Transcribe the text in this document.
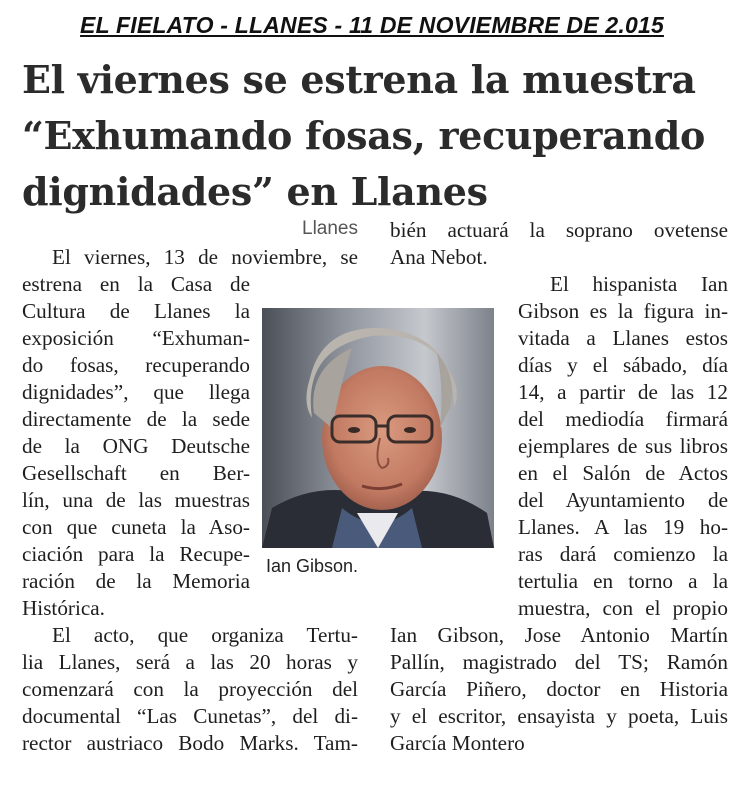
EL FIELATO - LLANES - 11 DE NOVIEMBRE DE 2.015
El viernes se estrena la muestra
“Exhumando fosas, recuperando
dignidades” en Llanes
Llanes
El viernes, 13 de noviembre, se
estrena en la Casa de
Cultura de Llanes la
exposición “Exhuman-
do fosas, recuperando
dignidades”, que llega
directamente de la sede
de la ONG Deutsche
Gesellschaft en Ber-
lín, una de las muestras
con que cuneta la Aso-
ciación para la Recupe-
ración de la Memoria
Histórica.
El acto, que organiza Tertu-
lia Llanes, será a las 20 horas y
comenzará con la proyección del
documental “Las Cunetas”, del di-
rector austriaco Bodo Marks. Tam-
Ian Gibson.
bién actuará la soprano ovetense
Ana Nebot.
El hispanista Ian
Gibson es la figura in-
vitada a Llanes estos
días y el sábado, día
14, a partir de las 12
del mediodía firmará
ejemplares de sus libros
en el Salón de Actos
del Ayuntamiento de
Llanes. A las 19 ho-
ras dará comienzo la
tertulia en torno a la
muestra, con el propio
Ian Gibson, Jose Antonio Martín
Pallín, magistrado del TS; Ramón
García Piñero, doctor en Historia
y el escritor, ensayista y poeta, Luis
García Montero
